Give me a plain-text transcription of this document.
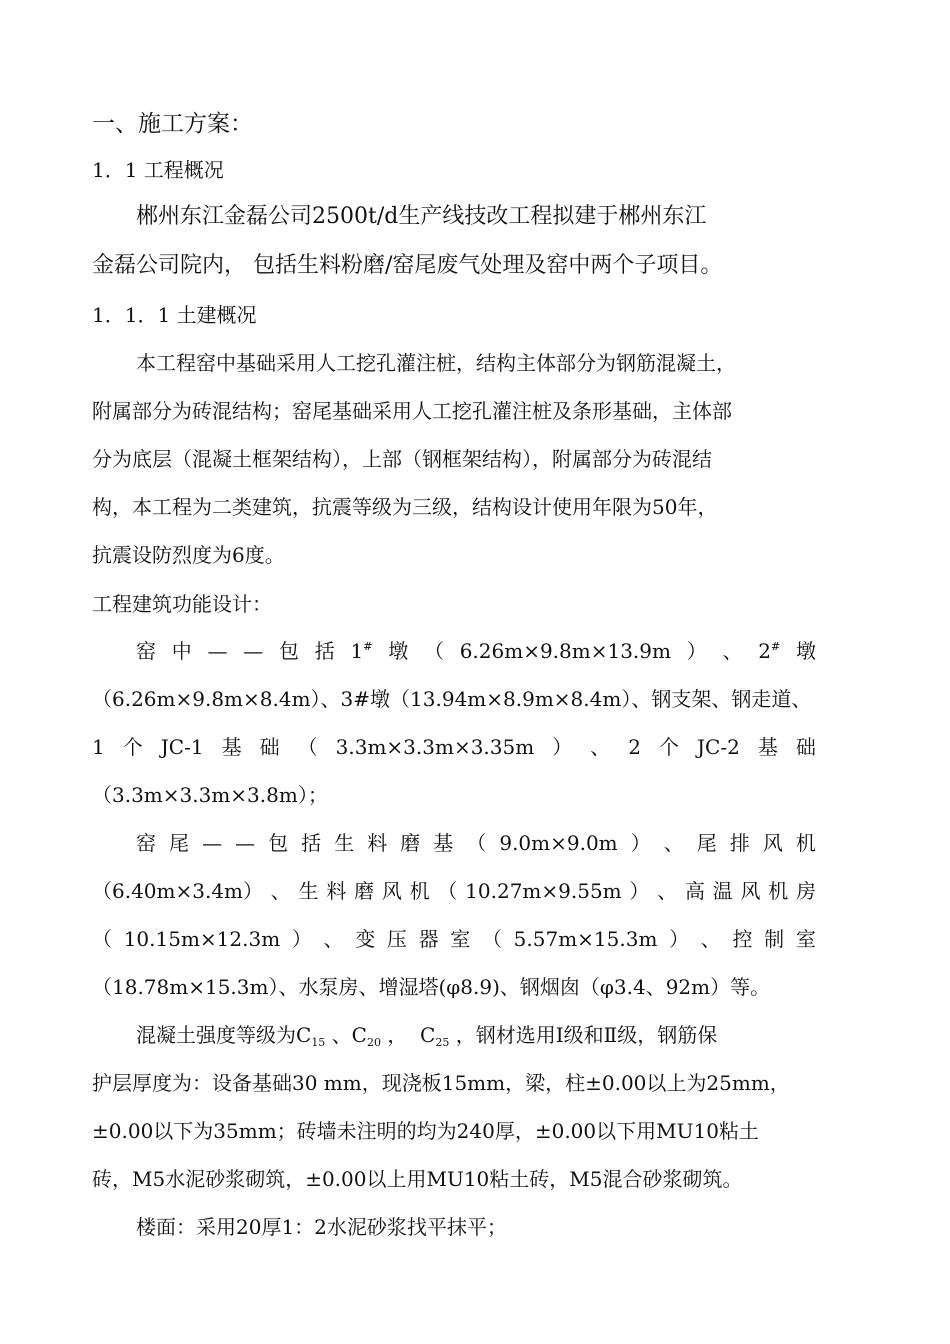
一、施工方案：
1．1 工程概况
郴州东江金磊公司2500t/d生产线技改工程拟建于郴州东江
金磊公司院内， 包括生料粉磨/窑尾废气处理及窑中两个子项目。
1．1．1 土建概况
本工程窑中基础采用人工挖孔灌注桩，结构主体部分为钢筋混凝土，
附属部分为砖混结构；窑尾基础采用人工挖孔灌注桩及条形基础，主体部
分为底层（混凝土框架结构），上部（钢框架结构），附属部分为砖混结
构，本工程为二类建筑，抗震等级为三级，结构设计使用年限为50年，
抗震设防烈度为6度。
工程建筑功能设计：
窑 中 — — 包 括 1# 墩 （ 6.26m×9.8m×13.9m ） 、 2# 墩
（6.26m×9.8m×8.4m）、3#墩（13.94m×8.9m×8.4m）、钢支架、钢走道、
1 个 JC-1 基 础 （ 3.3m×3.3m×3.35m ） 、 2 个 JC-2 基 础
（3.3m×3.3m×3.8m）；
窑 尾 — — 包 括 生 料 磨 基 （ 9.0m×9.0m ） 、 尾 排 风 机
（6.40m×3.4m） 、 生 料 磨 风 机 （ 10.27m×9.55m ） 、 高 温 风 机 房
（ 10.15m×12.3m ） 、 变 压 器 室 （ 5.57m×15.3m ） 、 控 制 室
（18.78m×15.3m）、水泵房、增湿塔(φ8.9)、钢烟囱（φ3.4、92m）等。
混凝土强度等级为$C_{15}$ 、$C_{20}$ ，  $C_{25}$ ，钢材选用Ⅰ级和Ⅱ级，钢筋保
护层厚度为：设备基础30 mm，现浇板15mm，梁，柱±0.00以上为25mm，
±0.00以下为35mm；砖墙未注明的均为240厚，±0.00以下用MU10粘土
砖，M5水泥砂浆砌筑，±0.00以上用MU10粘土砖，M5混合砂浆砌筑。
楼面：采用20厚1：2水泥砂浆找平抹平；
